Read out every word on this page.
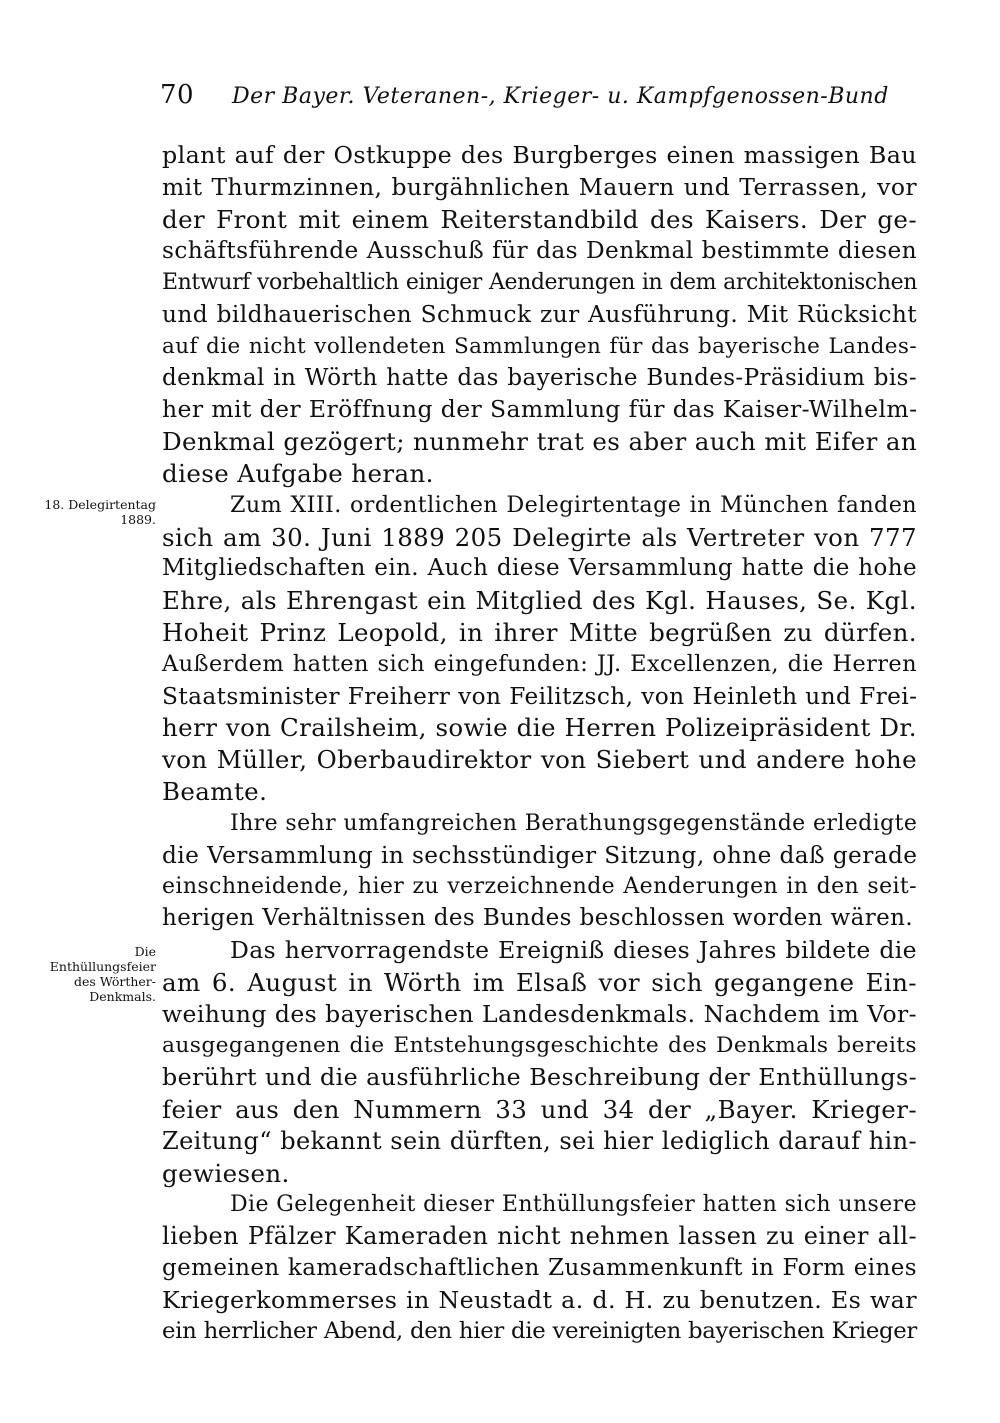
70 Der Bayer. Veteranen-, Krieger- u. Kampfgenossen-Bund
18. Delegirtentag 1889.
Die Enthüllungsfeier des Wörther-Denkmals.

plant auf der Ostkuppe des Burgberges einen massigen Bau
mit Thurmzinnen, burgähnlichen Mauern und Terrassen, vor
der Front mit einem Reiterstandbild des Kaisers. Der ge-
schäftsführende Ausschuß für das Denkmal bestimmte diesen
Entwurf vorbehaltlich einiger Aenderungen in dem architektonischen
und bildhauerischen Schmuck zur Ausführung. Mit Rücksicht
auf die nicht vollendeten Sammlungen für das bayerische Landes-
denkmal in Wörth hatte das bayerische Bundes-Präsidium bis-
her mit der Eröffnung der Sammlung für das Kaiser-Wilhelm-
Denkmal gezögert; nunmehr trat es aber auch mit Eifer an
diese Aufgabe heran.

Zum XIII. ordentlichen Delegirtentage in München fanden
sich am 30. Juni 1889 205 Delegirte als Vertreter von 777
Mitgliedschaften ein. Auch diese Versammlung hatte die hohe
Ehre, als Ehrengast ein Mitglied des Kgl. Hauses, Se. Kgl.
Hoheit Prinz Leopold, in ihrer Mitte begrüßen zu dürfen.
Außerdem hatten sich eingefunden: JJ. Excellenzen, die Herren
Staatsminister Freiherr von Feilitzsch, von Heinleth und Frei-
herr von Crailsheim, sowie die Herren Polizeipräsident Dr.
von Müller, Oberbaudirektor von Siebert und andere hohe
Beamte.

Ihre sehr umfangreichen Berathungsgegenstände erledigte
die Versammlung in sechsstündiger Sitzung, ohne daß gerade
einschneidende, hier zu verzeichnende Aenderungen in den seit-
herigen Verhältnissen des Bundes beschlossen worden wären.

Das hervorragendste Ereigniß dieses Jahres bildete die
am 6. August in Wörth im Elsaß vor sich gegangene Ein-
weihung des bayerischen Landesdenkmals. Nachdem im Vor-
ausgegangenen die Entstehungsgeschichte des Denkmals bereits
berührt und die ausführliche Beschreibung der Enthüllungs-
feier aus den Nummern 33 und 34 der „Bayer. Krieger-
Zeitung“ bekannt sein dürften, sei hier lediglich darauf hin-
gewiesen.

Die Gelegenheit dieser Enthüllungsfeier hatten sich unsere
lieben Pfälzer Kameraden nicht nehmen lassen zu einer all-
gemeinen kameradschaftlichen Zusammenkunft in Form eines
Kriegerkommerses in Neustadt a. d. H. zu benutzen. Es war
ein herrlicher Abend, den hier die vereinigten bayerischen Krieger
